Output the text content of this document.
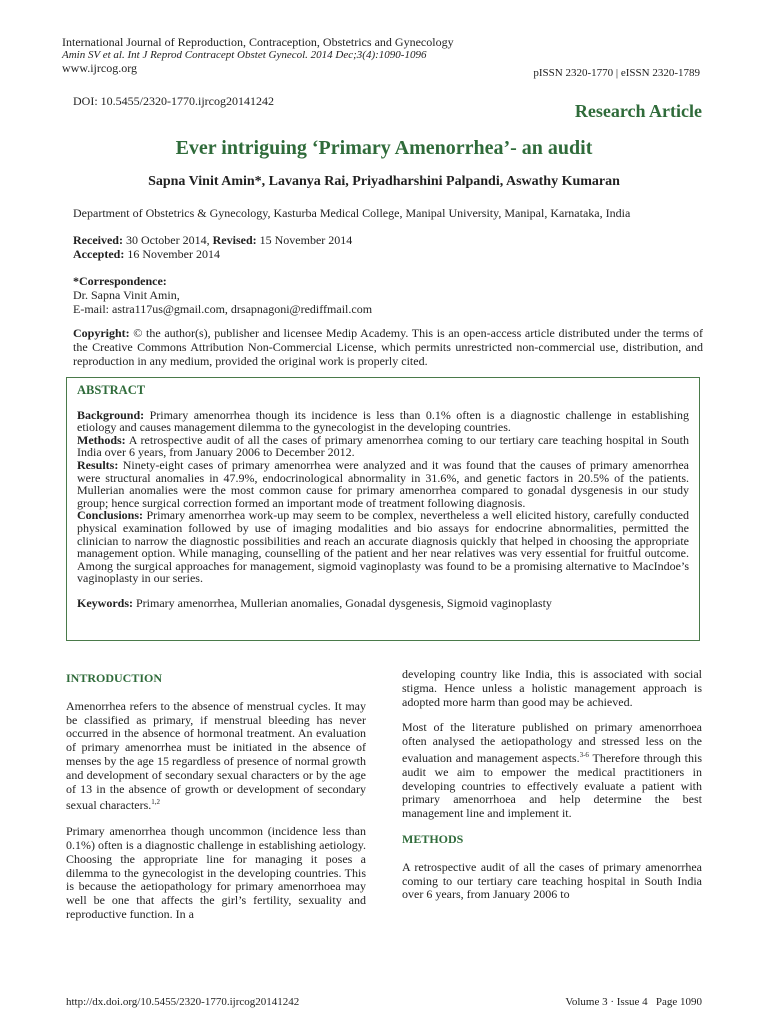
International Journal of Reproduction, Contraception, Obstetrics and Gynecology
Amin SV et al. Int J Reprod Contracept Obstet Gynecol. 2014 Dec;3(4):1090-1096
www.ijrcog.org	pISSN 2320-1770 | eISSN 2320-1789
DOI: 10.5455/2320-1770.ijrcog20141242	Research Article
Ever intriguing ‘Primary Amenorrhea’- an audit
Sapna Vinit Amin*, Lavanya Rai, Priyadharshini Palpandi, Aswathy Kumaran
Department of Obstetrics & Gynecology, Kasturba Medical College, Manipal University, Manipal, Karnataka, India
Received: 30 October 2014, Revised: 15 November 2014
Accepted: 16 November 2014
*Correspondence:
Dr. Sapna Vinit Amin,
E-mail: astra117us@gmail.com, drsapnagoni@rediffmail.com
Copyright: © the author(s), publisher and licensee Medip Academy. This is an open-access article distributed under the terms of the Creative Commons Attribution Non-Commercial License, which permits unrestricted non-commercial use, distribution, and reproduction in any medium, provided the original work is properly cited.
ABSTRACT

Background: Primary amenorrhea though its incidence is less than 0.1% often is a diagnostic challenge in establishing etiology and causes management dilemma to the gynecologist in the developing countries.

Methods: A retrospective audit of all the cases of primary amenorrhea coming to our tertiary care teaching hospital in South India over 6 years, from January 2006 to December 2012.

Results: Ninety-eight cases of primary amenorrhea were analyzed and it was found that the causes of primary amenorrhea were structural anomalies in 47.9%, endocrinological abnormality in 31.6%, and genetic factors in 20.5% of the patients. Mullerian anomalies were the most common cause for primary amenorrhea compared to gonadal dysgenesis in our study group; hence surgical correction formed an important mode of treatment following diagnosis.

Conclusions: Primary amenorrhea work-up may seem to be complex, nevertheless a well elicited history, carefully conducted physical examination followed by use of imaging modalities and bio assays for endocrine abnormalities, permitted the clinician to narrow the diagnostic possibilities and reach an accurate diagnosis quickly that helped in choosing the appropriate management option. While managing, counselling of the patient and her near relatives was very essential for fruitful outcome. Among the surgical approaches for management, sigmoid vaginoplasty was found to be a promising alternative to MacIndoe’s vaginoplasty in our series.

Keywords: Primary amenorrhea, Mullerian anomalies, Gonadal dysgenesis, Sigmoid vaginoplasty

INTRODUCTION

Amenorrhea refers to the absence of menstrual cycles. It may be classified as primary, if menstrual bleeding has never occurred in the absence of hormonal treatment. An evaluation of primary amenorrhea must be initiated in the absence of menses by the age 15 regardless of presence of normal growth and development of secondary sexual characters or by the age of 13 in the absence of growth or development of secondary sexual characters.$^{1,2}$

Primary amenorrhea though uncommon (incidence less than 0.1%) often is a diagnostic challenge in establishing aetiology. Choosing the appropriate line for managing it poses a dilemma to the gynecologist in the developing countries. This is because the aetiopathology for primary amenorrhoea may well be one that affects the girl’s fertility, sexuality and reproductive function. In a

developing country like India, this is associated with social stigma. Hence unless a holistic management approach is adopted more harm than good may be achieved.

Most of the literature published on primary amenorrhoea often analysed the aetiopathology and stressed less on the evaluation and management aspects.$^{3-6}$ Therefore through this audit we aim to empower the medical practitioners in developing countries to effectively evaluate a patient with primary amenorrhoea and help determine the best management line and implement it.

METHODS

A retrospective audit of all the cases of primary amenorrhea coming to our tertiary care teaching hospital in South India over 6 years, from January 2006 to

http://dx.doi.org/10.5455/2320-1770.ijrcog20141242	Volume 3 · Issue 4 Page 1090
